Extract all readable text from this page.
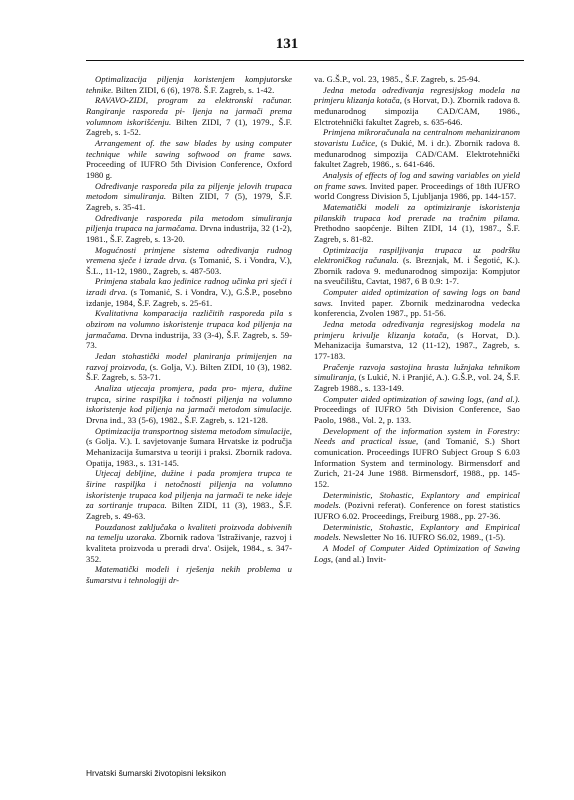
131

Optimalizacija piljenja koristenjem kompjutorske tehnike. Bilten ZIDI, 6 (6), 1978. Š.F. Zagreb, s. 1-42.

RAVAVO-ZIDI, program za elektronski računar. Rangiranje rasporeda pi- ljenja na jarmači prema volumnom iskorišćenju. Bilten ZIDI, 7 (1), 1979., Š.F. Zagreb, s. 1-52.

Arrangement of. the saw blades by using computer technique while sawing softwood on frame saws. Proceeding of IUFRO 5th Division Conference, Oxford 1980 g.

Određivanje rasporeda pila za piljenje jelovih trupaca metodom simuliranja. Bilten ZIDI, 7 (5), 1979, Š.F. Zagreb, s. 35-41.

Određivanje rasporeda pila metodom simuliranja piljenja trupaca na jarmačama. Drvna industrija, 32 (1-2), 1981., Š.F. Zagreb, s. 13-20.

Mogućnosti primjene sistema određivanja rudnog vremena sječe i izrade drva. (s Tomanić, S. i Vondra, V.), Š.L., 11-12, 1980., Zagreb, s. 487-503.

Primjena stabala kao jedinice radnog učinka pri sjeći i izradi drva. (s Tomanić, S. i Vondra, V.), G.Š.P., posebno izdanje, 1984, Š.F. Zagreb, s. 25-61.

Kvalitativna komparacija različitih rasporeda pila s obzirom na volumno iskoristenje trupaca kod piljenja na jarmačama. Drvna industrija, 33 (3-4), Š.F. Zagreb, s. 59-73.

Jedan stohastički model planiranja primijenjen na razvoj proizvoda, (s. Golja, V.). Bilten ZIDI, 10 (3), 1982. Š.F. Zagreb, s. 53-71.

Analiza utjecaja promjera, pada pro- mjera, dužine trupca, sirine raspiljka i točnosti piljenja na volumno iskoristenje kod piljenja na jarmači metodom simulacije. Drvna ind., 33 (5-6), 1982., Š.F. Zagreb, s. 121-128.

Optimizacija transportnog sistema metodom simulacije, (s Golja. V.). I. savjetovanje šumara Hrvatske iz područja Mehanizacija šumarstva u teoriji i praksi. Zbornik radova. Opatija, 1983., s. 131-145.

Utjecaj debljine, dužine i pada promjera trupca te širine raspiljka i netočnosti piljenja na volumno iskoristenje trupaca kod piljenja na jarmači te neke ideje za sortiranje trupaca. Bilten ZIDI, 11 (3), 1983., Š.F. Zagreb, s. 49-63.

Pouzdanost zaključaka o kvaliteti proizvoda dobivenih na temelju uzoraka. Zbornik radova 'Istraživanje, razvoj i kvaliteta proizvoda u preradi drva'. Osijek, 1984., s. 347-352.

Matematički modeli i rješenja nekih problema u šumarstvu i tehnologiji dr-

va. G.Š.P., vol. 23, 1985., Š.F. Zagreb, s. 25-94.

Jedna metoda određivanja regresijskog modela na primjeru klizanja kotača, (s Horvat, D.). Zbornik radova 8. međunarodnog simpozija CAD/CAM, 1986., Elctrotehnički fakultet Zagreb, s. 635-646.

Primjena mikroračunala na centralnom mehaniziranom stovaristu Lučice, (s Dukić, M. i dr.). Zbornik radova 8. međunarodnog simpozija CAD/CAM. Elektrotehnički fakultet Zagreb, 1986., s. 641-646.

Analysis of effects of log and sawing variables on yield on frame saws. Invited paper. Proceedings of 18th IUFRO world Congress Division 5, Ljubljanja 1986, pp. 144-157.

Matematički modeli za optimiziranje iskoristenja pilanskih trupaca kod prerade na tračnim pilama. Prethodno saopćenje. Bilten ZIDI, 14 (1), 1987., Š.F. Zagreb, s. 81-82.

Optimizacija raspiljivanja trupaca uz podršku elektroničkog računala. (s. Breznjak, M. i Šegotić, K.). Zbornik radova 9. međunarodnog simpozija: Kompjutor na sveučilištu, Cavtat, 1987, 6 B 0.9: 1-7.

Computer aided optimization of sawing logs on band saws. Invited paper. Zbornik medzinarodna vedecka konferencia, Zvolen 1987., pp. 51-56.

Jedna metoda određivanja regresijskog modela na primjeru krivulje klizanja kotača, (s Horvat, D.). Mehanizacija šumarstva, 12 (11-12), 1987., Zagreb, s. 177-183.

Pračenje razvoja sastojina hrasta lužnjaka tehnikom simuliranja, (s Lukić, N. i Pranjić, A.). G.Š.P., vol. 24, Š.F. Zagreb 1988., s. 133-149.

Computer aided optimization of sawing logs, (and al.). Proceedings of IUFRO 5th Division Conference, Sao Paolo, 1988., Vol. 2, p. 133.

Development of the information system in Forestry: Needs and practical issue, (and Tomanić, S.) Short comunication. Proceedings IUFRO Subject Group S 6.03 Information System and terminology. Birmensdorf and Zurich, 21-24 June 1988. Birmensdorf, 1988., pp. 145-152.

Deterministic, Stohastic, Explantory and empirical models. (Pozivni referat). Conference on forest statistics IUFRO 6.02. Proceedings, Freiburg 1988., pp. 27-36.

Deterministic, Stohastic, Explantory and Empirical models. Newsletter No 16. IUFRO S6.02, 1989., (1-5).

A Model of Computer Aided Optimization of Sawing Logs, (and al.) Invit-

Hrvatski šumarski životopisni leksikon
